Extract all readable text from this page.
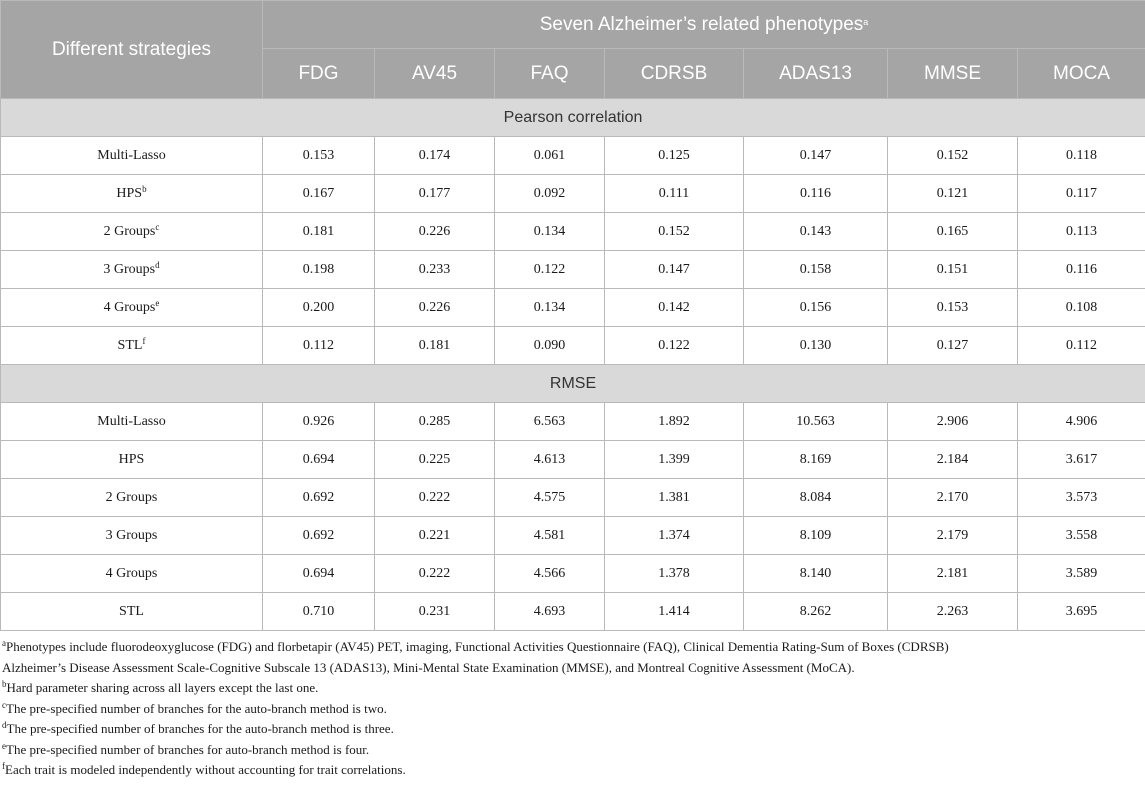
Different strategies	Seven Alzheimer’s related phenotypes$^a$
	FDG	AV45	FAQ	CDRSB	ADAS13	MMSE	MOCA
Pearson correlation							
Multi-Lasso	0.153	0.174	0.061	0.125	0.147	0.152	0.118
HPS$^b$	0.167	0.177	0.092	0.111	0.116	0.121	0.117
2 Groups$^c$	0.181	0.226	0.134	0.152	0.143	0.165	0.113
3 Groups$^d$	0.198	0.233	0.122	0.147	0.158	0.151	0.116
4 Groups$^e$	0.200	0.226	0.134	0.142	0.156	0.153	0.108
STL$^f$	0.112	0.181	0.090	0.122	0.130	0.127	0.112
RMSE							
Multi-Lasso	0.926	0.285	6.563	1.892	10.563	2.906	4.906
HPS	0.694	0.225	4.613	1.399	8.169	2.184	3.617
2 Groups	0.692	0.222	4.575	1.381	8.084	2.170	3.573
3 Groups	0.692	0.221	4.581	1.374	8.109	2.179	3.558
4 Groups	0.694	0.222	4.566	1.378	8.140	2.181	3.589
STL	0.710	0.231	4.693	1.414	8.262	2.263	3.695
$^a$Phenotypes include fluorodeoxyglucose (FDG) and florbetapir (AV45) PET, imaging, Functional Activities Questionnaire (FAQ), Clinical Dementia Rating-Sum of Boxes (CDRSB)
Alzheimer’s Disease Assessment Scale-Cognitive Subscale 13 (ADAS13), Mini-Mental State Examination (MMSE), and Montreal Cognitive Assessment (MoCA).
$^b$Hard parameter sharing across all layers except the last one.
$^c$The pre-specified number of branches for the auto-branch method is two.
$^d$The pre-specified number of branches for the auto-branch method is three.
$^e$The pre-specified number of branches for auto-branch method is four.
$^f$Each trait is modeled independently without accounting for trait correlations.
